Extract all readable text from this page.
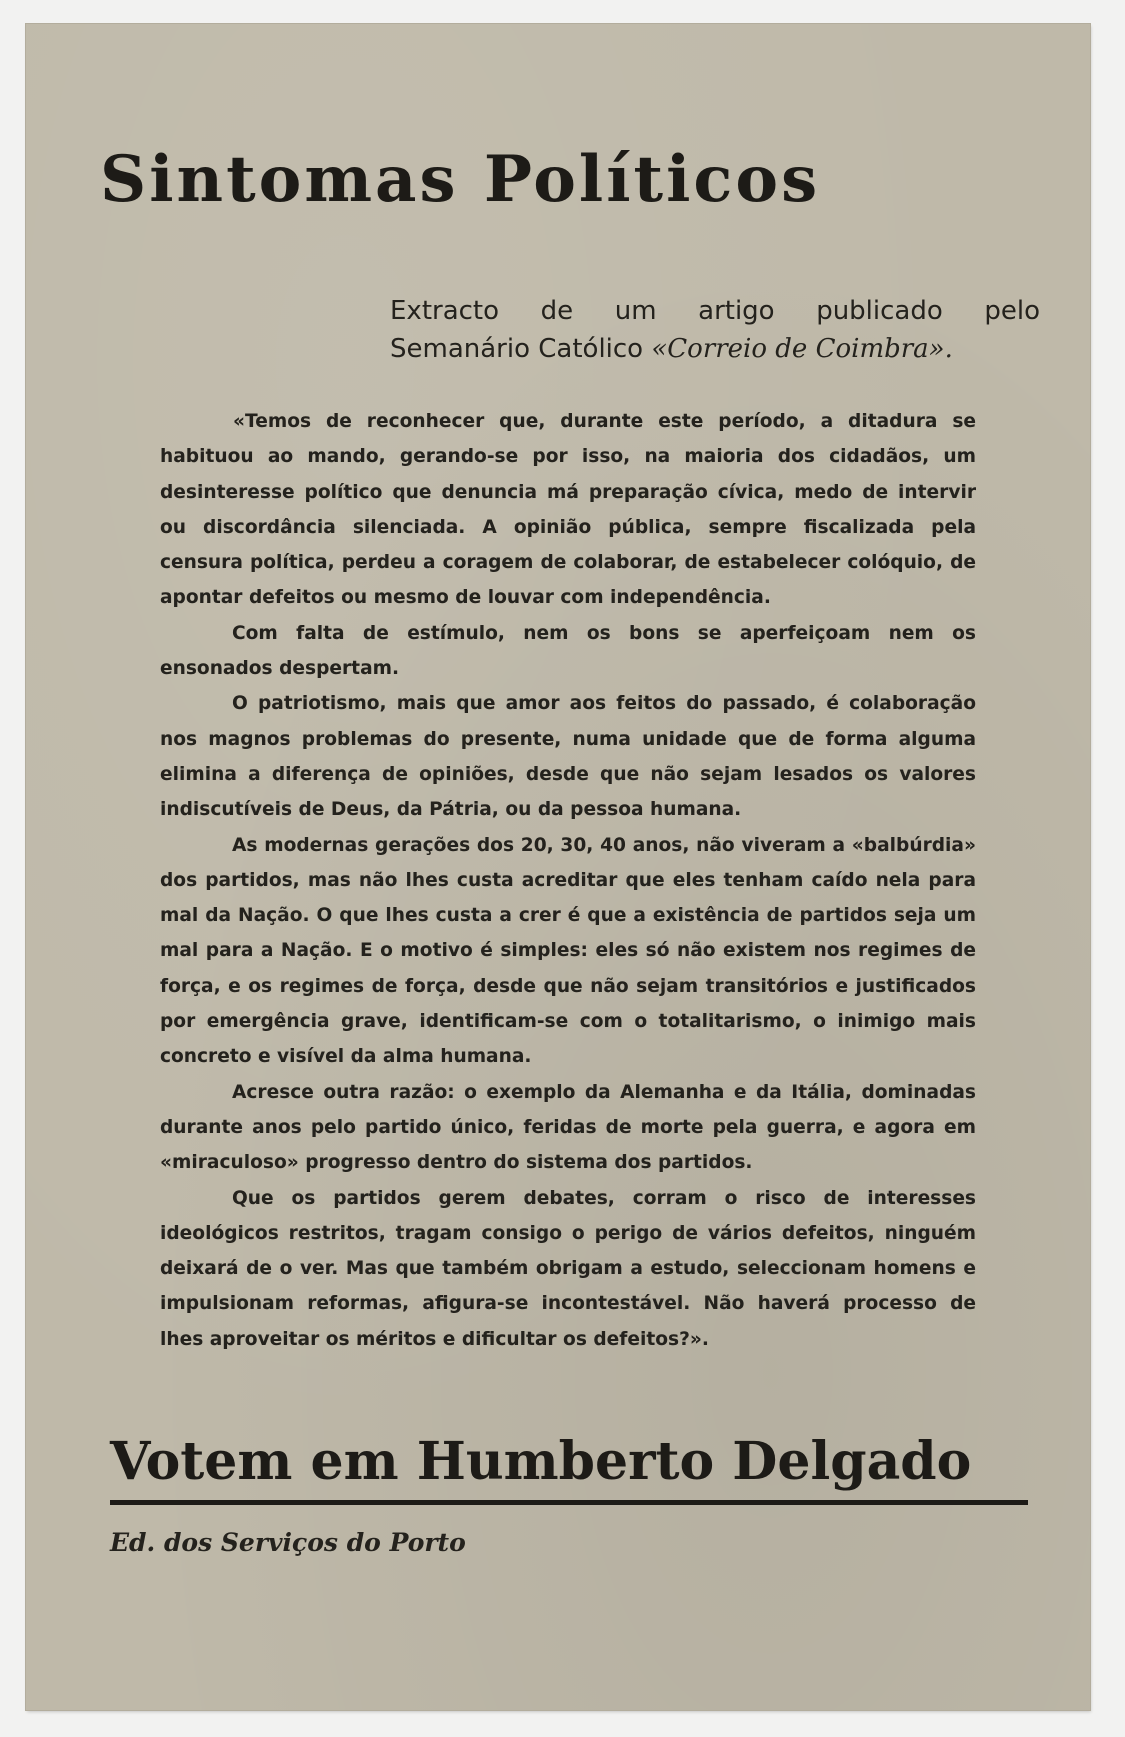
Sintomas Políticos
Extracto de um artigo publicado pelo
Semanário Católico «Correio de Coimbra».

«Temos de reconhecer que, durante este período, a ditadura se habituou ao mando, gerando-se por isso, na maioria dos cidadãos, um desinteresse político que denuncia má preparação cívica, medo de intervir ou discordância silenciada. A opinião pública, sempre fiscalizada pela censura política, perdeu a coragem de colaborar, de estabelecer colóquio, de apontar defeitos ou mesmo de louvar com independência.

Com falta de estímulo, nem os bons se aperfeiçoam nem os ensonados despertam.

O patriotismo, mais que amor aos feitos do passado, é colaboração nos magnos problemas do presente, numa unidade que de forma alguma elimina a diferença de opiniões, desde que não sejam lesados os valores indiscutíveis de Deus, da Pátria, ou da pessoa humana.

As modernas gerações dos 20, 30, 40 anos, não viveram a «balbúrdia» dos partidos, mas não lhes custa acreditar que eles tenham caído nela para mal da Nação. O que lhes custa a crer é que a existência de partidos seja um mal para a Nação. E o motivo é simples: eles só não existem nos regimes de força, e os regimes de força, desde que não sejam transitórios e justificados por emergência grave, identificam-se com o totalitarismo, o inimigo mais concreto e visível da alma humana.

Acresce outra razão: o exemplo da Alemanha e da Itália, dominadas durante anos pelo partido único, feridas de morte pela guerra, e agora em «miraculoso» progresso dentro do sistema dos partidos.

Que os partidos gerem debates, corram o risco de interesses ideológicos restritos, tragam consigo o perigo de vários defeitos, ninguém deixará de o ver. Mas que também obrigam a estudo, seleccionam homens e impulsionam reformas, afigura-se incontestável. Não haverá processo de lhes aproveitar os méritos e dificultar os defeitos?».

Votem em Humberto Delgado
Ed. dos Serviços do Porto
